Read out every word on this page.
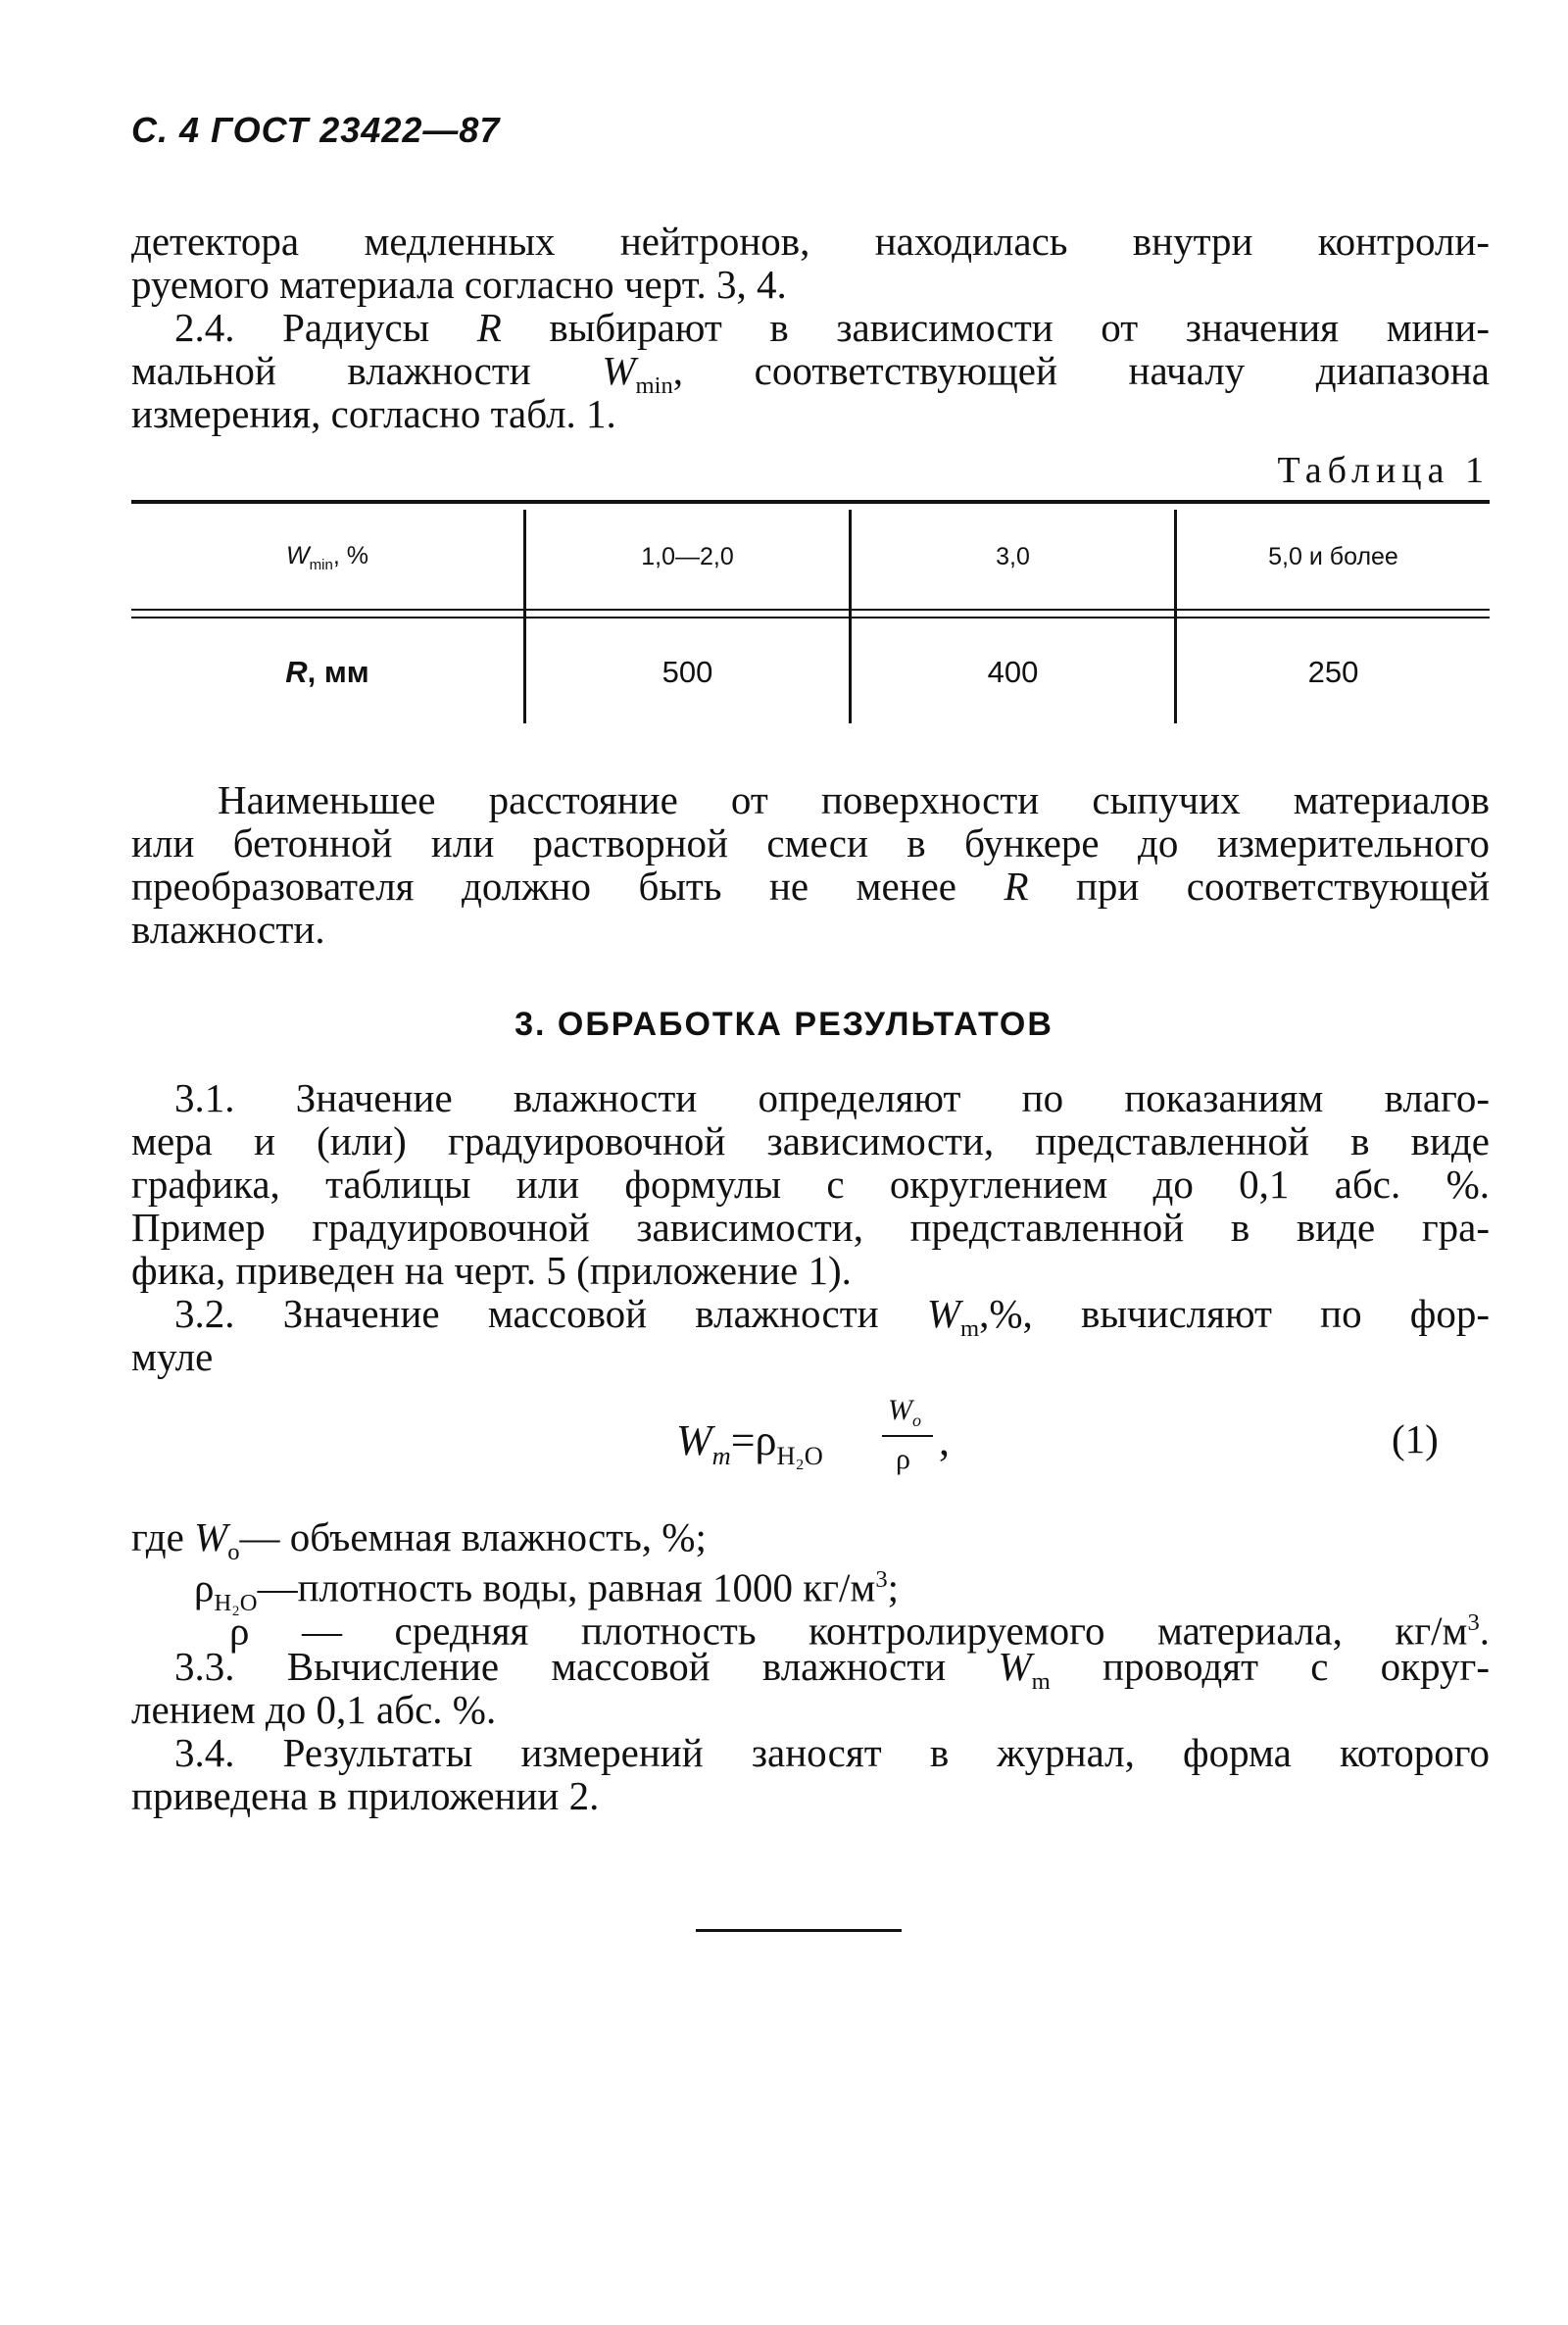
С. 4 ГОСТ 23422—87
детектора медленных нейтронов, находилась внутри контроли-
руемого материала согласно черт. 3, 4.
2.4. Радиусы R выбирают в зависимости от значения мини-
мальной влажности $W_{min}$, соответствующей началу диапазона
измерения, согласно табл. 1.
Таблица 1
$W_{min}$, %	1,0—2,0	3,0	5,0 и более
R, мм	500	400	250
Наименьшее расстояние от поверхности сыпучих материалов
или бетонной или растворной смеси в бункере до измерительного
преобразователя должно быть не менее R при соответствующей
влажности.
3. ОБРАБОТКА РЕЗУЛЬТАТОВ
3.1. Значение влажности определяют по показаниям влаго-
мера и (или) градуировочной зависимости, представленной в виде
графика, таблицы или формулы с округлением до 0,1 абс. %.
Пример градуировочной зависимости, представленной в виде гра-
фика, приведен на черт. 5 (приложение 1).
3.2. Значение массовой влажности $W_m,\%$, вычисляют по фор-
муле
$W_m=\rho_{H_2O}$
$W_o$
ρ ,	(1)
где $W_o—$ объемная влажность, %;
$\rho_{H_2O}—плотность$ воды, равная 1000 $кг/м^3$;
ρ — средняя плотность контролируемого материала, $кг/м^3$.
3.3. Вычисление массовой влажности $W_m$ проводят с округ-
лением до 0,1 абс. %.
3.4. Результаты измерений заносят в журнал, форма которого
приведена в приложении 2.
